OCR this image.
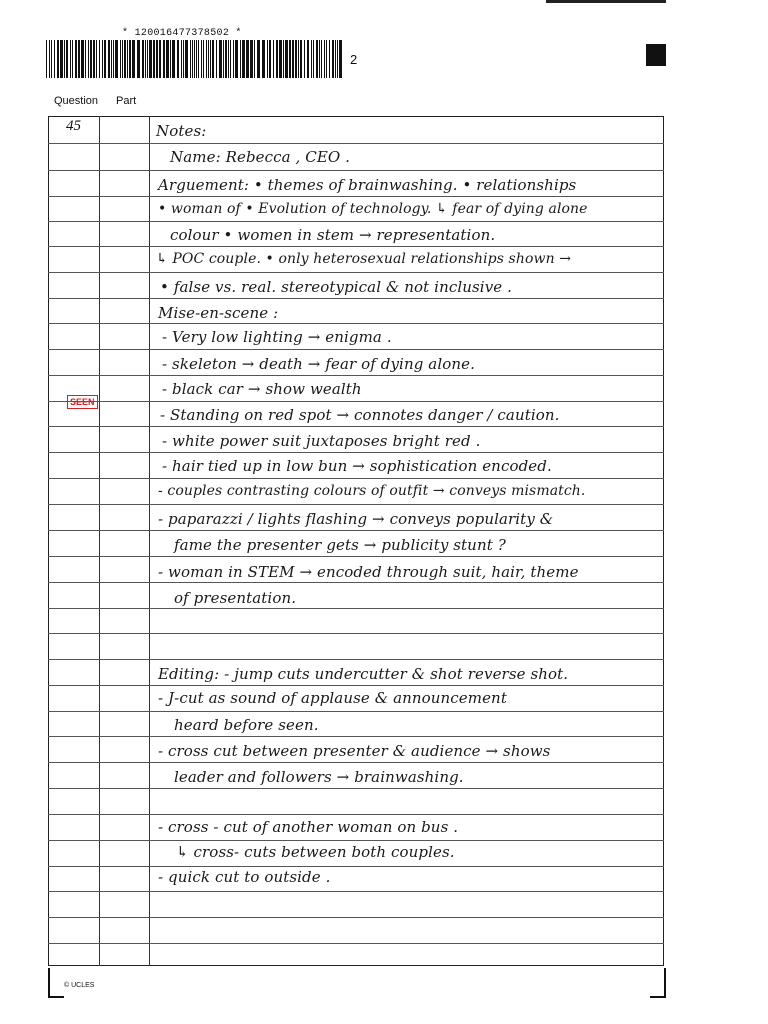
* 120016477378502 *
2
Question Part
45
SEEN
Notes:
Name: Rebecca , CEO .
Arguement: • themes of brainwashing. • relationships
• woman of • Evolution of technology. ↳ fear of dying alone
colour • women in stem → representation.
↳ POC couple. • only heterosexual relationships shown →
• false vs. real. stereotypical & not inclusive .
Mise-en-scene :
- Very low lighting → enigma .
- skeleton → death → fear of dying alone.
- black car → show wealth
- Standing on red spot → connotes danger / caution.
- white power suit juxtaposes bright red .
- hair tied up in low bun → sophistication encoded.
- couples contrasting colours of outfit → conveys mismatch.
- paparazzi / lights flashing → conveys popularity &
fame the presenter gets → publicity stunt ?
- woman in STEM → encoded through suit, hair, theme
of presentation.
Editing: - jump cuts undercutter & shot reverse shot.
- J-cut as sound of applause & announcement
heard before seen.
- cross cut between presenter & audience → shows
leader and followers → brainwashing.
- cross - cut of another woman on bus .
↳ cross- cuts between both couples.
- quick cut to outside .
© UCLES
